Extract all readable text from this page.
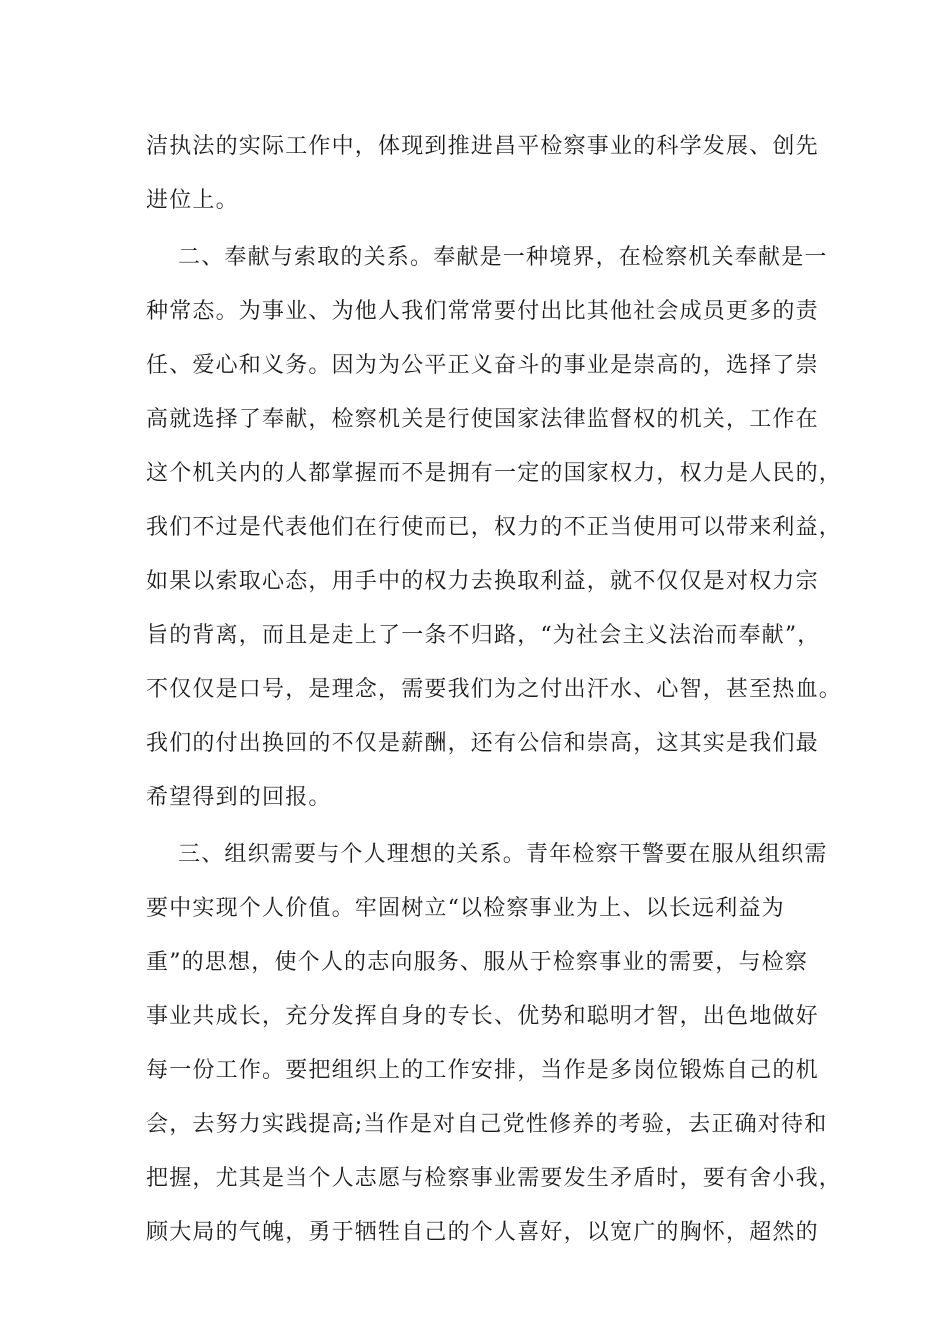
洁执法的实际工作中，体现到推进昌平检察事业的科学发展、创先
进位上。
二、奉献与索取的关系。奉献是一种境界，在检察机关奉献是一
种常态。为事业、为他人我们常常要付出比其他社会成员更多的责
任、爱心和义务。因为为公平正义奋斗的事业是崇高的，选择了崇
高就选择了奉献，检察机关是行使国家法律监督权的机关，工作在
这个机关内的人都掌握而不是拥有一定的国家权力，权力是人民的，
我们不过是代表他们在行使而已，权力的不正当使用可以带来利益，
如果以索取心态，用手中的权力去换取利益，就不仅仅是对权力宗
旨的背离，而且是走上了一条不归路，“为社会主义法治而奉献”，
不仅仅是口号，是理念，需要我们为之付出汗水、心智，甚至热血。
我们的付出换回的不仅是薪酬，还有公信和崇高，这其实是我们最
希望得到的回报。
三、组织需要与个人理想的关系。青年检察干警要在服从组织需
要中实现个人价值。牢固树立“以检察事业为上、以长远利益为
重”的思想，使个人的志向服务、服从于检察事业的需要，与检察
事业共成长，充分发挥自身的专长、优势和聪明才智，出色地做好
每一份工作。要把组织上的工作安排，当作是多岗位锻炼自己的机
会，去努力实践提高;当作是对自己党性修养的考验，去正确对待和
把握，尤其是当个人志愿与检察事业需要发生矛盾时，要有舍小我，
顾大局的气魄，勇于牺牲自己的个人喜好，以宽广的胸怀，超然的
